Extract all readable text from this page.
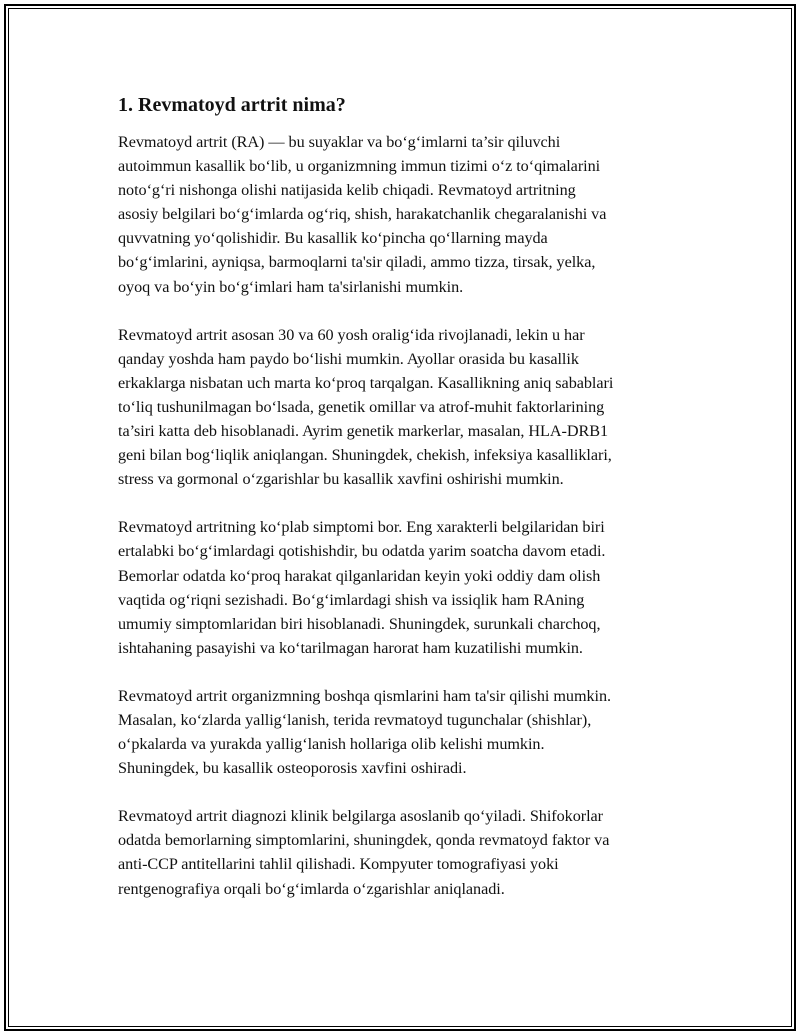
1. Revmatoyd artrit nima?

Revmatoyd artrit (RA) — bu suyaklar va bo‘g‘imlarni ta’sir qiluvchi
autoimmun kasallik bo‘lib, u organizmning immun tizimi o‘z to‘qimalarini
noto‘g‘ri nishonga olishi natijasida kelib chiqadi. Revmatoyd artritning
asosiy belgilari bo‘g‘imlarda og‘riq, shish, harakatchanlik chegaralanishi va
quvvatning yo‘qolishidir. Bu kasallik ko‘pincha qo‘llarning mayda
bo‘g‘imlarini, ayniqsa, barmoqlarni ta'sir qiladi, ammo tizza, tirsak, yelka,
oyoq va bo‘yin bo‘g‘imlari ham ta'sirlanishi mumkin.

Revmatoyd artrit asosan 30 va 60 yosh oralig‘ida rivojlanadi, lekin u har
qanday yoshda ham paydo bo‘lishi mumkin. Ayollar orasida bu kasallik
erkaklarga nisbatan uch marta ko‘proq tarqalgan. Kasallikning aniq sabablari
to‘liq tushunilmagan bo‘lsada, genetik omillar va atrof-muhit faktorlarining
ta’siri katta deb hisoblanadi. Ayrim genetik markerlar, masalan, HLA-DRB1
geni bilan bog‘liqlik aniqlangan. Shuningdek, chekish, infeksiya kasalliklari,
stress va gormonal o‘zgarishlar bu kasallik xavfini oshirishi mumkin.

Revmatoyd artritning ko‘plab simptomi bor. Eng xarakterli belgilaridan biri
ertalabki bo‘g‘imlardagi qotishishdir, bu odatda yarim soatcha davom etadi.
Bemorlar odatda ko‘proq harakat qilganlaridan keyin yoki oddiy dam olish
vaqtida og‘riqni sezishadi. Bo‘g‘imlardagi shish va issiqlik ham RAning
umumiy simptomlaridan biri hisoblanadi. Shuningdek, surunkali charchoq,
ishtahaning pasayishi va ko‘tarilmagan harorat ham kuzatilishi mumkin.

Revmatoyd artrit organizmning boshqa qismlarini ham ta'sir qilishi mumkin.
Masalan, ko‘zlarda yallig‘lanish, terida revmatoyd tugunchalar (shishlar),
o‘pkalarda va yurakda yallig‘lanish hollariga olib kelishi mumkin.
Shuningdek, bu kasallik osteoporosis xavfini oshiradi.

Revmatoyd artrit diagnozi klinik belgilarga asoslanib qo‘yiladi. Shifokorlar
odatda bemorlarning simptomlarini, shuningdek, qonda revmatoyd faktor va
anti-CCP antitellarini tahlil qilishadi. Kompyuter tomografiyasi yoki
rentgenografiya orqali bo‘g‘imlarda o‘zgarishlar aniqlanadi.
